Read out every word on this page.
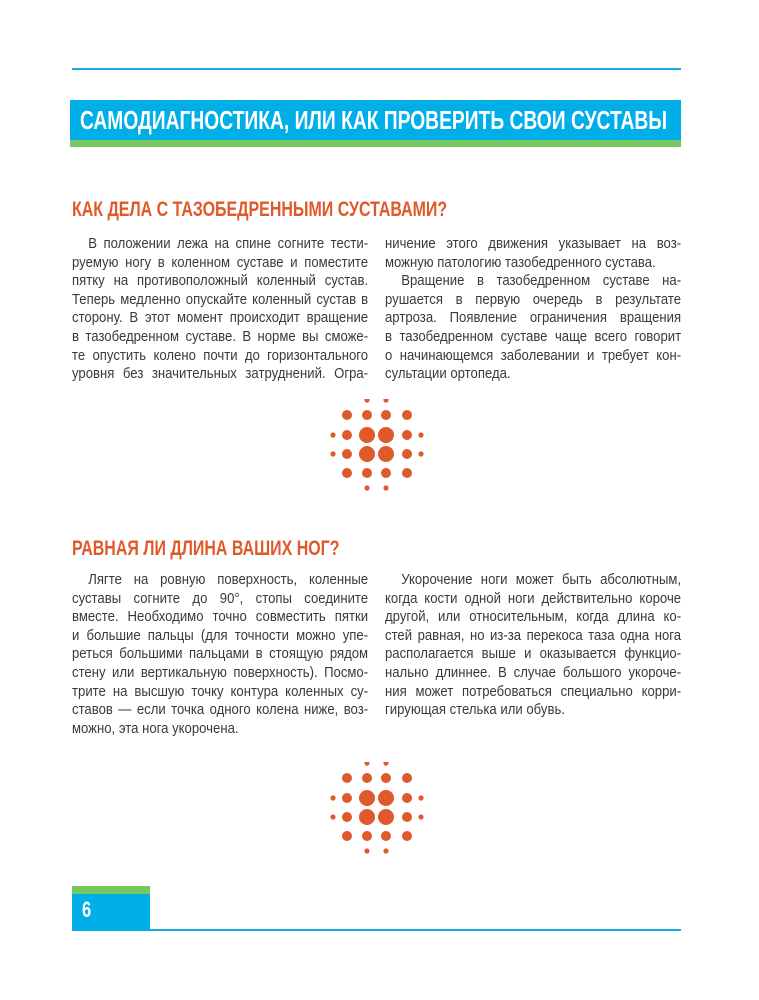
САМОДИАГНОСТИКА, ИЛИ КАК ПРОВЕРИТЬ СВОИ СУСТАВЫ
КАК ДЕЛА С ТАЗОБЕДРЕННЫМИ СУСТАВАМИ?
В положении лежа на спине согните тести-
руемую ногу в коленном суставе и поместите
пятку на противоположный коленный сустав.
Теперь медленно опускайте коленный сустав в
сторону. В этот момент происходит вращение
в тазобедренном суставе. В норме вы сможе-
те опустить колено почти до горизонтального
уровня без значительных затруднений. Огра-
ничение этого движения указывает на воз-
можную патологию тазобедренного сустава.
Вращение в тазобедренном суставе на-
рушается в первую очередь в результате
артроза. Появление ограничения вращения
в тазобедренном суставе чаще всего говорит
о начинающемся заболевании и требует кон-
сультации ортопеда.
РАВНАЯ ЛИ ДЛИНА ВАШИХ НОГ?
Лягте на ровную поверхность, коленные
суставы согните до 90°, стопы соедините
вместе. Необходимо точно совместить пятки
и большие пальцы (для точности можно упе-
реться большими пальцами в стоящую рядом
стену или вертикальную поверхность). Посмо-
трите на высшую точку контура коленных су-
ставов — если точка одного колена ниже, воз-
можно, эта нога укорочена.
Укорочение ноги может быть абсолютным,
когда кости одной ноги действительно короче
другой, или относительным, когда длина ко-
стей равная, но из-за перекоса таза одна нога
располагается выше и оказывается функцио-
нально длиннее. В случае большого укороче-
ния может потребоваться специально корри-
гирующая стелька или обувь.
6
